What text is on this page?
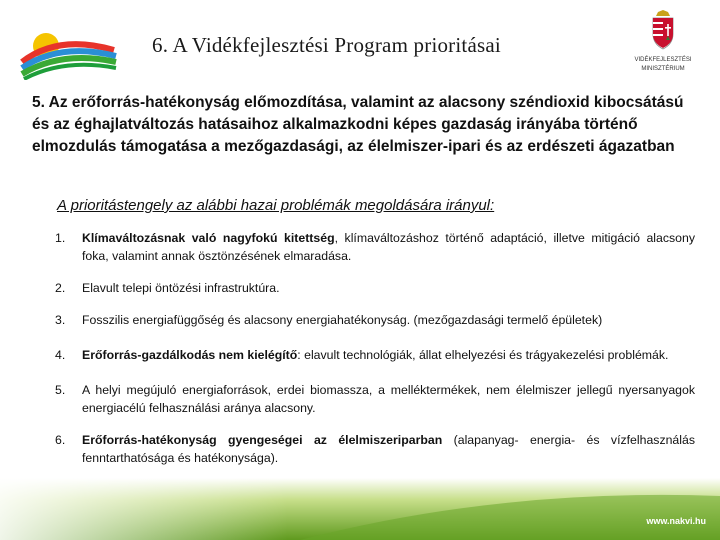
6. A Vidékfejlesztési Program prioritásai
VIDÉKFEJLESZTÉSI
MINISZTÉRIUM

5. Az erőforrás-hatékonyság előmozdítása, valamint az alacsony széndioxid kibocsátású és az éghajlatváltozás hatásaihoz alkalmazkodni képes gazdaság irányába történő elmozdulás támogatása a mezőgazdasági, az élelmiszer-ipari és az erdészeti ágazatban

A prioritástengely az alábbi hazai problémák megoldására irányul:

1.	Klímaváltozásnak való nagyfokú kitettség, klímaváltozáshoz történő adaptáció, illetve mitigáció alacsony foka, valamint annak ösztönzésének elmaradása.
2.	Elavult telepi öntözési infrastruktúra.
3.	Fosszilis energiafüggőség és alacsony energiahatékonyság. (mezőgazdasági termelő épületek)
4.	Erőforrás-gazdálkodás nem kielégítő: elavult technológiák, állat elhelyezési és trágyakezelési problémák.
5.	A helyi megújuló energiaforrások, erdei biomassza, a melléktermékek, nem élelmiszer jellegű nyersanyagok energiacélú felhasználási aránya alacsony.
6.	Erőforrás-hatékonyság gyengeségei az élelmiszeriparban (alapanyag- energia- és vízfelhasználás fenntarthatósága és hatékonysága).
www.nakvi.hu
